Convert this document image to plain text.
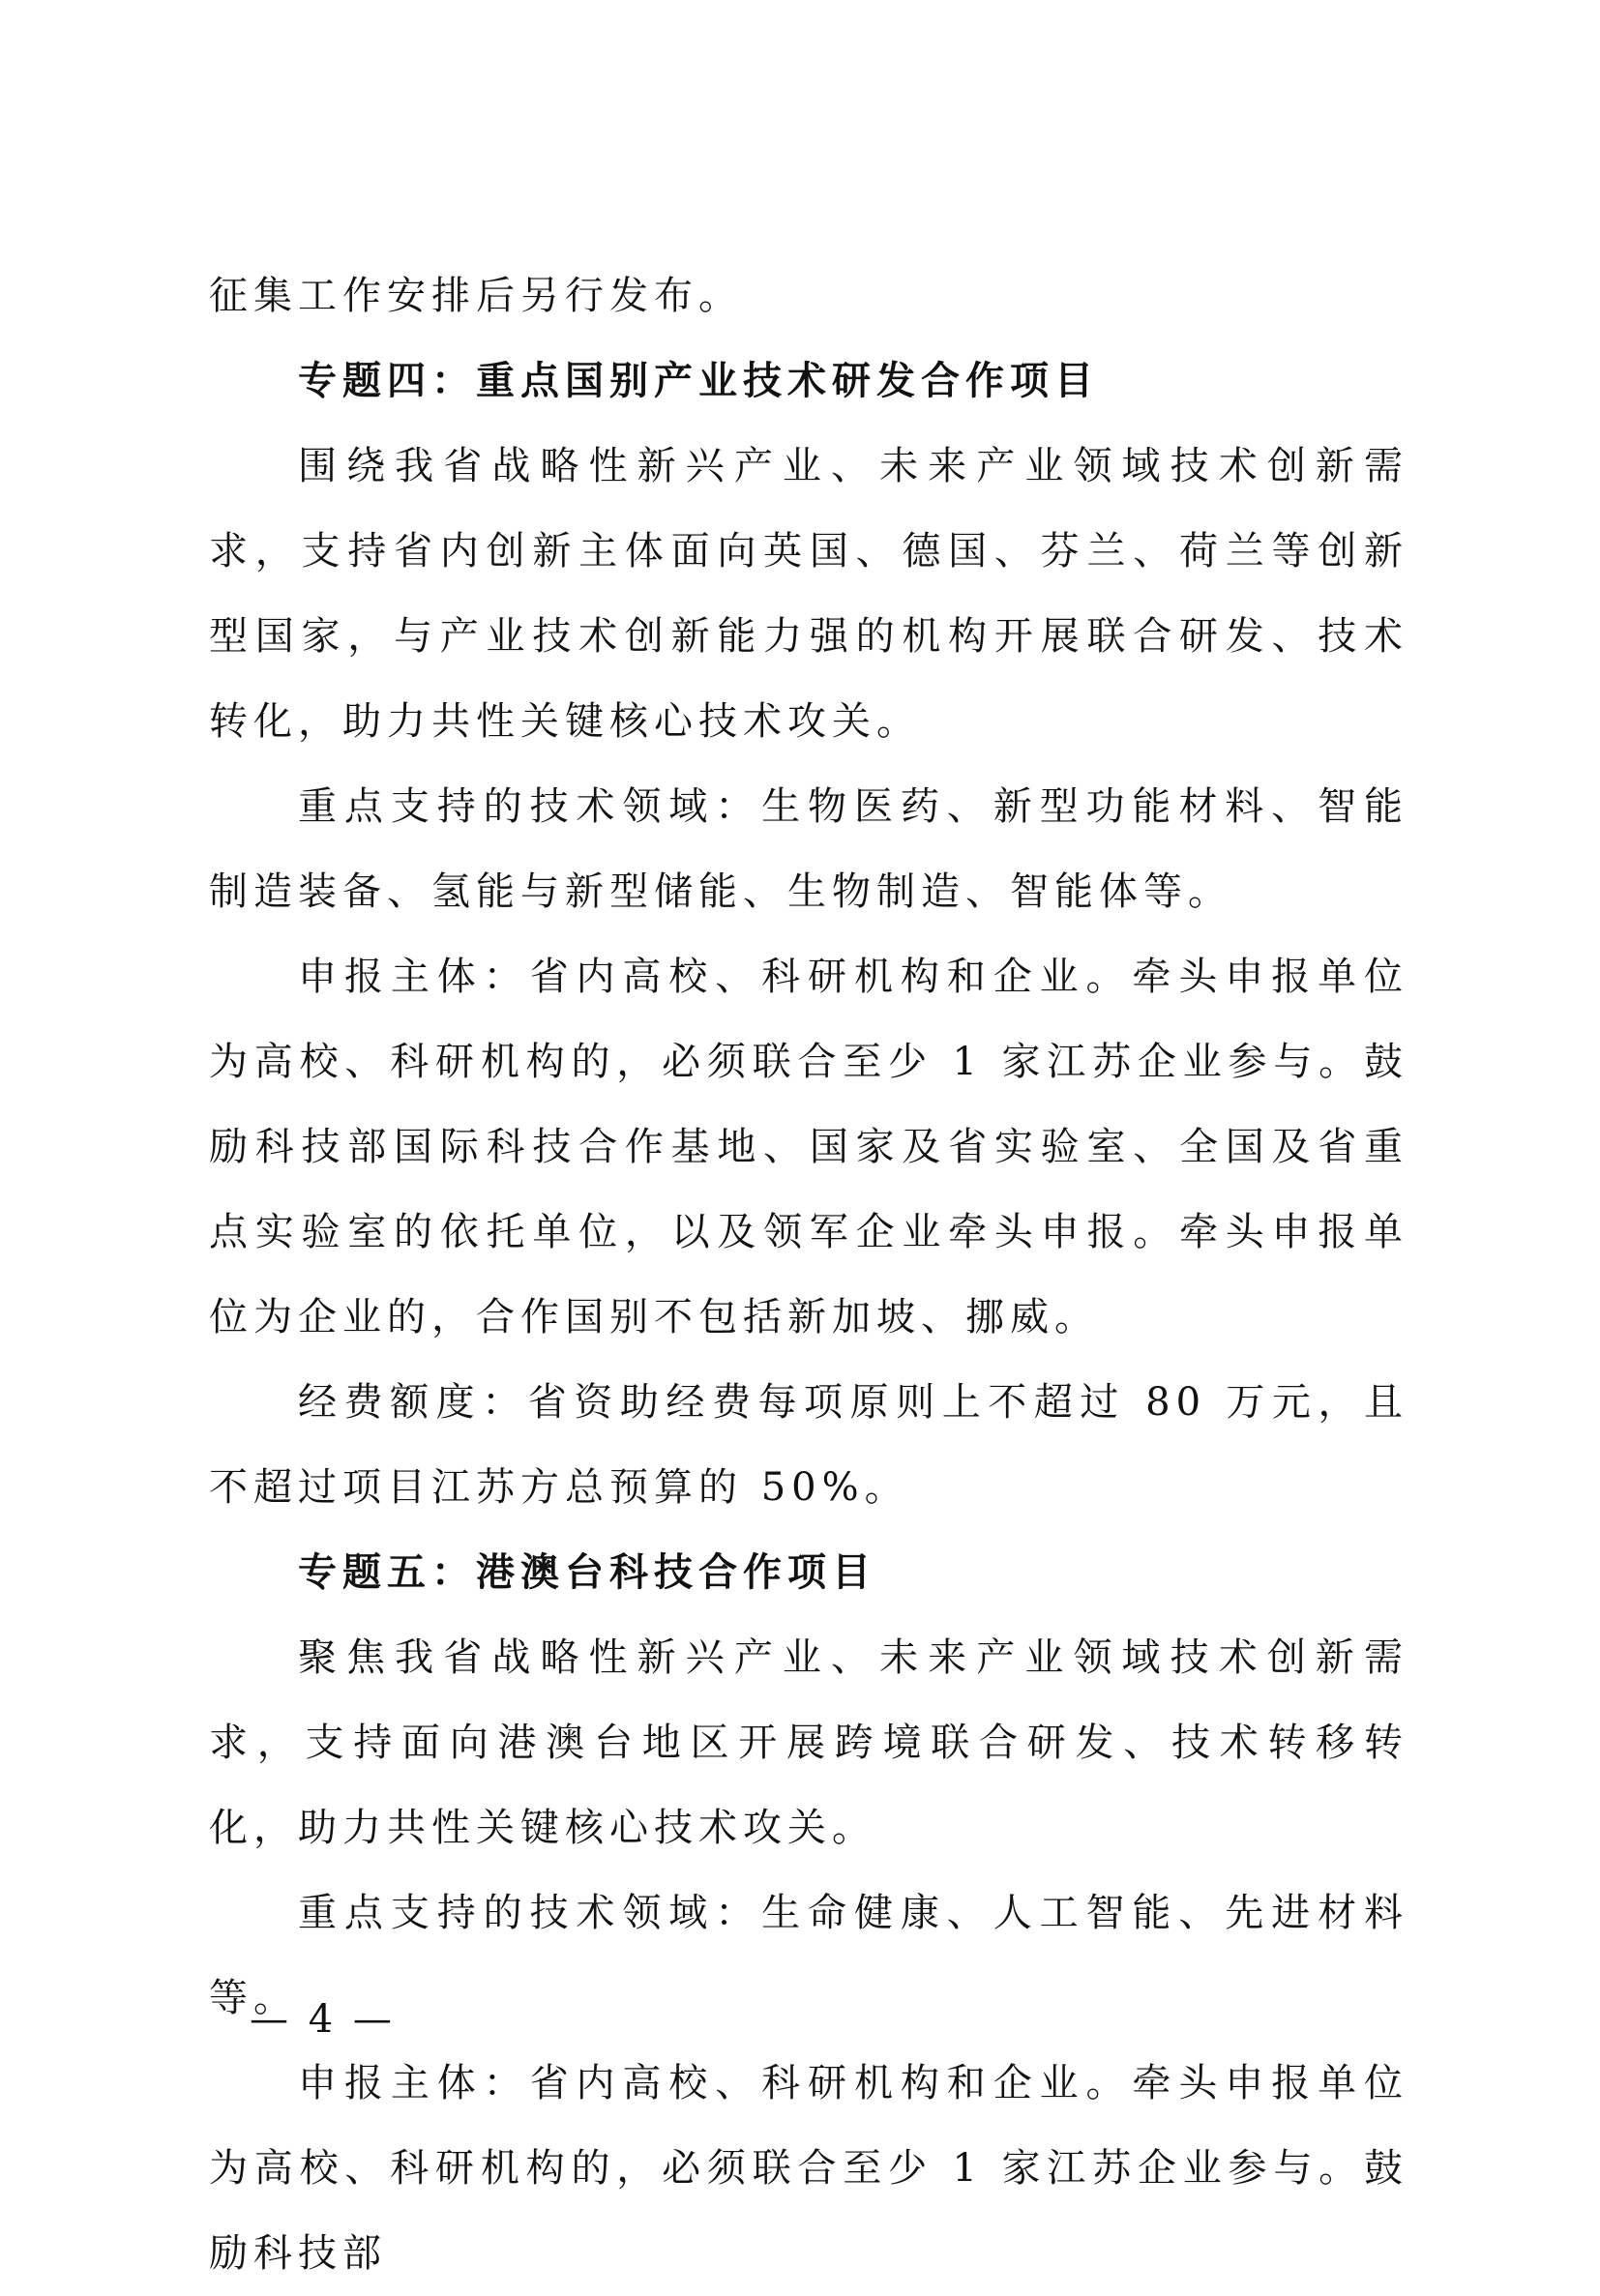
征集工作安排后另行发布。

专题四：重点国别产业技术研发合作项目

围绕我省战略性新兴产业、未来产业领域技术创新需求，支持省内创新主体面向英国、德国、芬兰、荷兰等创新型国家，与产业技术创新能力强的机构开展联合研发、技术转化，助力共性关键核心技术攻关。

重点支持的技术领域：生物医药、新型功能材料、智能制造装备、氢能与新型储能、生物制造、智能体等。

申报主体：省内高校、科研机构和企业。牵头申报单位为高校、科研机构的，必须联合至少 1 家江苏企业参与。鼓励科技部国际科技合作基地、国家及省实验室、全国及省重点实验室的依托单位，以及领军企业牵头申报。牵头申报单位为企业的，合作国别不包括新加坡、挪威。

经费额度：省资助经费每项原则上不超过 80 万元，且不超过项目江苏方总预算的 50%。

专题五：港澳台科技合作项目

聚焦我省战略性新兴产业、未来产业领域技术创新需求，支持面向港澳台地区开展跨境联合研发、技术转移转化，助力共性关键核心技术攻关。

重点支持的技术领域：生命健康、人工智能、先进材料等。

申报主体：省内高校、科研机构和企业。牵头申报单位为高校、科研机构的，必须联合至少 1 家江苏企业参与。鼓励科技部

— 4 —
